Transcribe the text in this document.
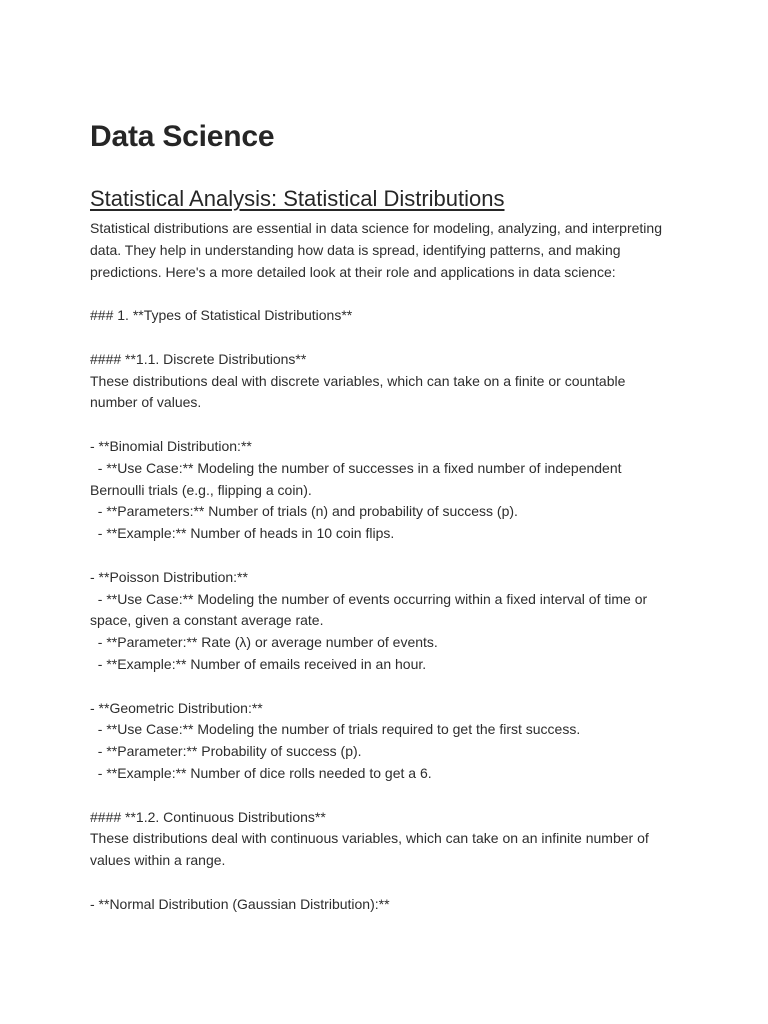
Data Science
Statistical Analysis: Statistical Distributions
Statistical distributions are essential in data science for modeling, analyzing, and interpreting
data. They help in understanding how data is spread, identifying patterns, and making
predictions. Here's a more detailed look at their role and applications in data science:
### 1. **Types of Statistical Distributions**
#### **1.1. Discrete Distributions**
These distributions deal with discrete variables, which can take on a finite or countable
number of values.
- **Binomial Distribution:**
- **Use Case:** Modeling the number of successes in a fixed number of independent
Bernoulli trials (e.g., flipping a coin).
- **Parameters:** Number of trials (n) and probability of success (p).
- **Example:** Number of heads in 10 coin flips.
- **Poisson Distribution:**
- **Use Case:** Modeling the number of events occurring within a fixed interval of time or
space, given a constant average rate.
- **Parameter:** Rate (λ) or average number of events.
- **Example:** Number of emails received in an hour.
- **Geometric Distribution:**
- **Use Case:** Modeling the number of trials required to get the first success.
- **Parameter:** Probability of success (p).
- **Example:** Number of dice rolls needed to get a 6.
#### **1.2. Continuous Distributions**
These distributions deal with continuous variables, which can take on an infinite number of
values within a range.
- **Normal Distribution (Gaussian Distribution):**
